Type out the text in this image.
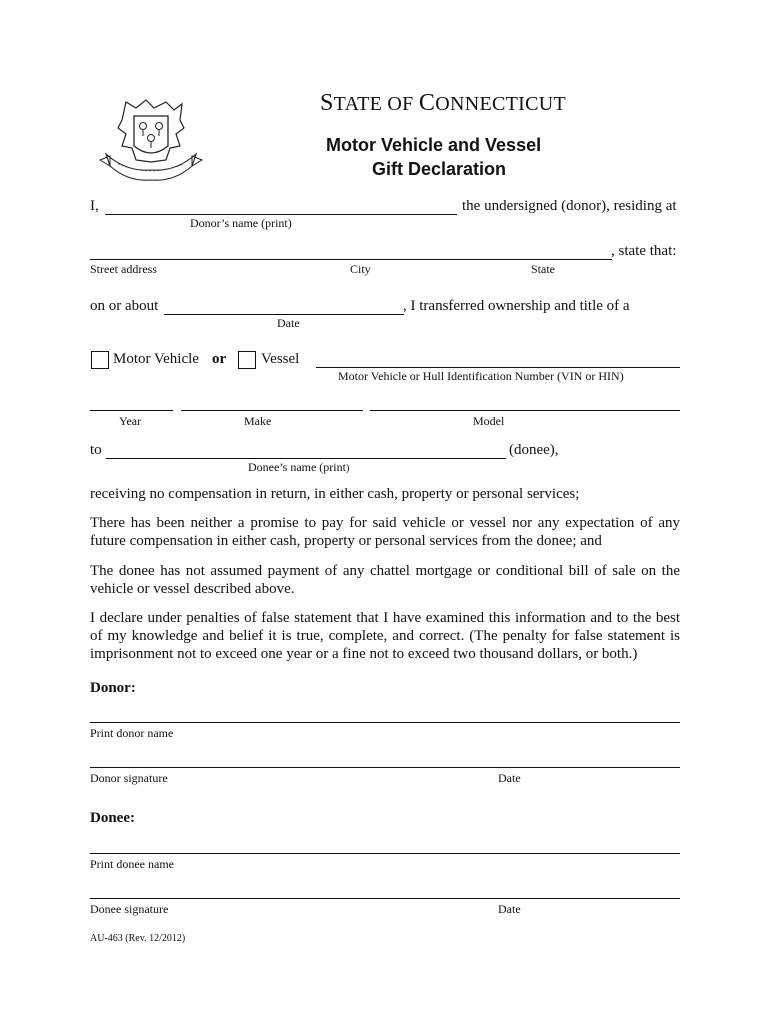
STATE OF CONNECTICUT
Motor Vehicle and Vessel
Gift Declaration
I,	the undersigned (donor), residing at
Donor’s name (print)
, state that:
Street address	City	State
on or about	, I transferred ownership and title of a
Date
Motor Vehicle or Vessel
Motor Vehicle or Hull Identification Number (VIN or HIN)
Year	Make	Model
to	(donee),
Donee’s name (print)
receiving no compensation in return, in either cash, property or personal services;
There has been neither a promise to pay for said vehicle or vessel nor any expectation of any future compensation in either cash, property or personal services from the donee; and
The donee has not assumed payment of any chattel mortgage or conditional bill of sale on the vehicle or vessel described above.
I declare under penalties of false statement that I have examined this information and to the best of my knowledge and belief it is true, complete, and correct. (The penalty for false statement is imprisonment not to exceed one year or a fine not to exceed two thousand dollars, or both.)
Donor:
Print donor name
Donor signature	Date
Donee:
Print donee name
Donee signature	Date
AU-463 (Rev. 12/2012)
